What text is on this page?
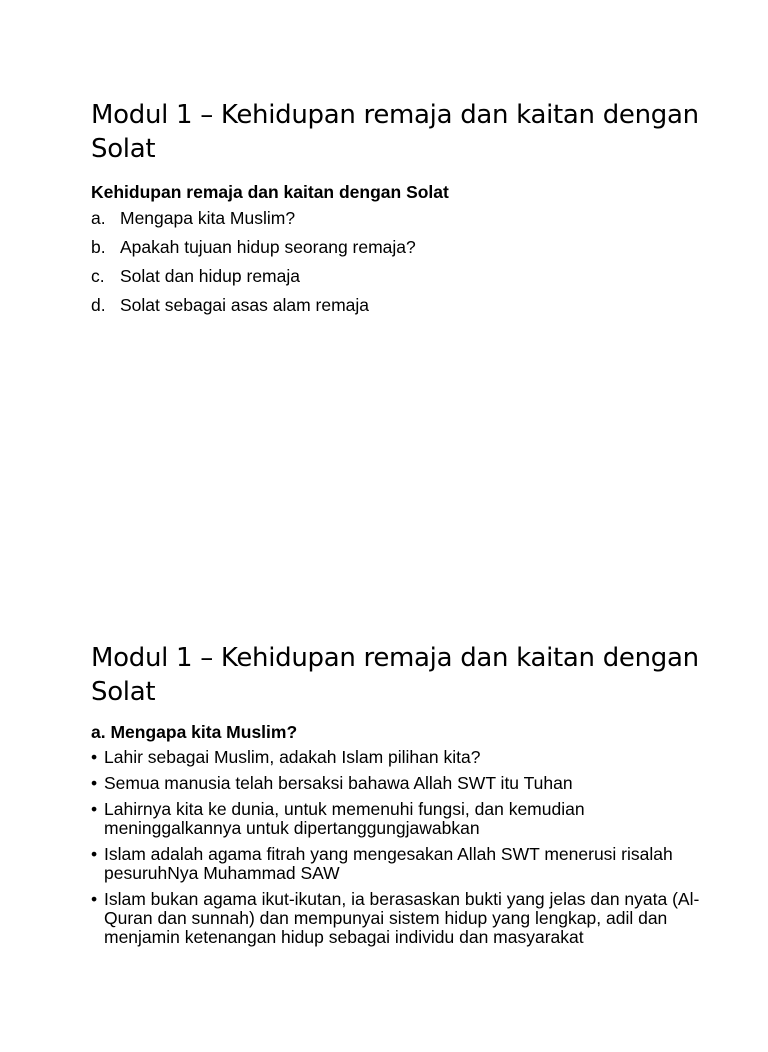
Modul 1 – Kehidupan remaja dan kaitan dengan Solat
Kehidupan remaja dan kaitan dengan Solat
a. Mengapa kita Muslim?
b. Apakah tujuan hidup seorang remaja?
c. Solat dan hidup remaja
d. Solat sebagai asas alam remaja
Modul 1 – Kehidupan remaja dan kaitan dengan Solat
a. Mengapa kita Muslim?
• Lahir sebagai Muslim, adakah Islam pilihan kita?
• Semua manusia telah bersaksi bahawa Allah SWT itu Tuhan
• Lahirnya kita ke dunia, untuk memenuhi fungsi, dan kemudian meninggalkannya untuk dipertanggungjawabkan
• Islam adalah agama fitrah yang mengesakan Allah SWT menerusi risalah pesuruhNya Muhammad SAW
• Islam bukan agama ikut-ikutan, ia berasaskan bukti yang jelas dan nyata (Al-Quran dan sunnah) dan mempunyai sistem hidup yang lengkap, adil dan menjamin ketenangan hidup sebagai individu dan masyarakat
